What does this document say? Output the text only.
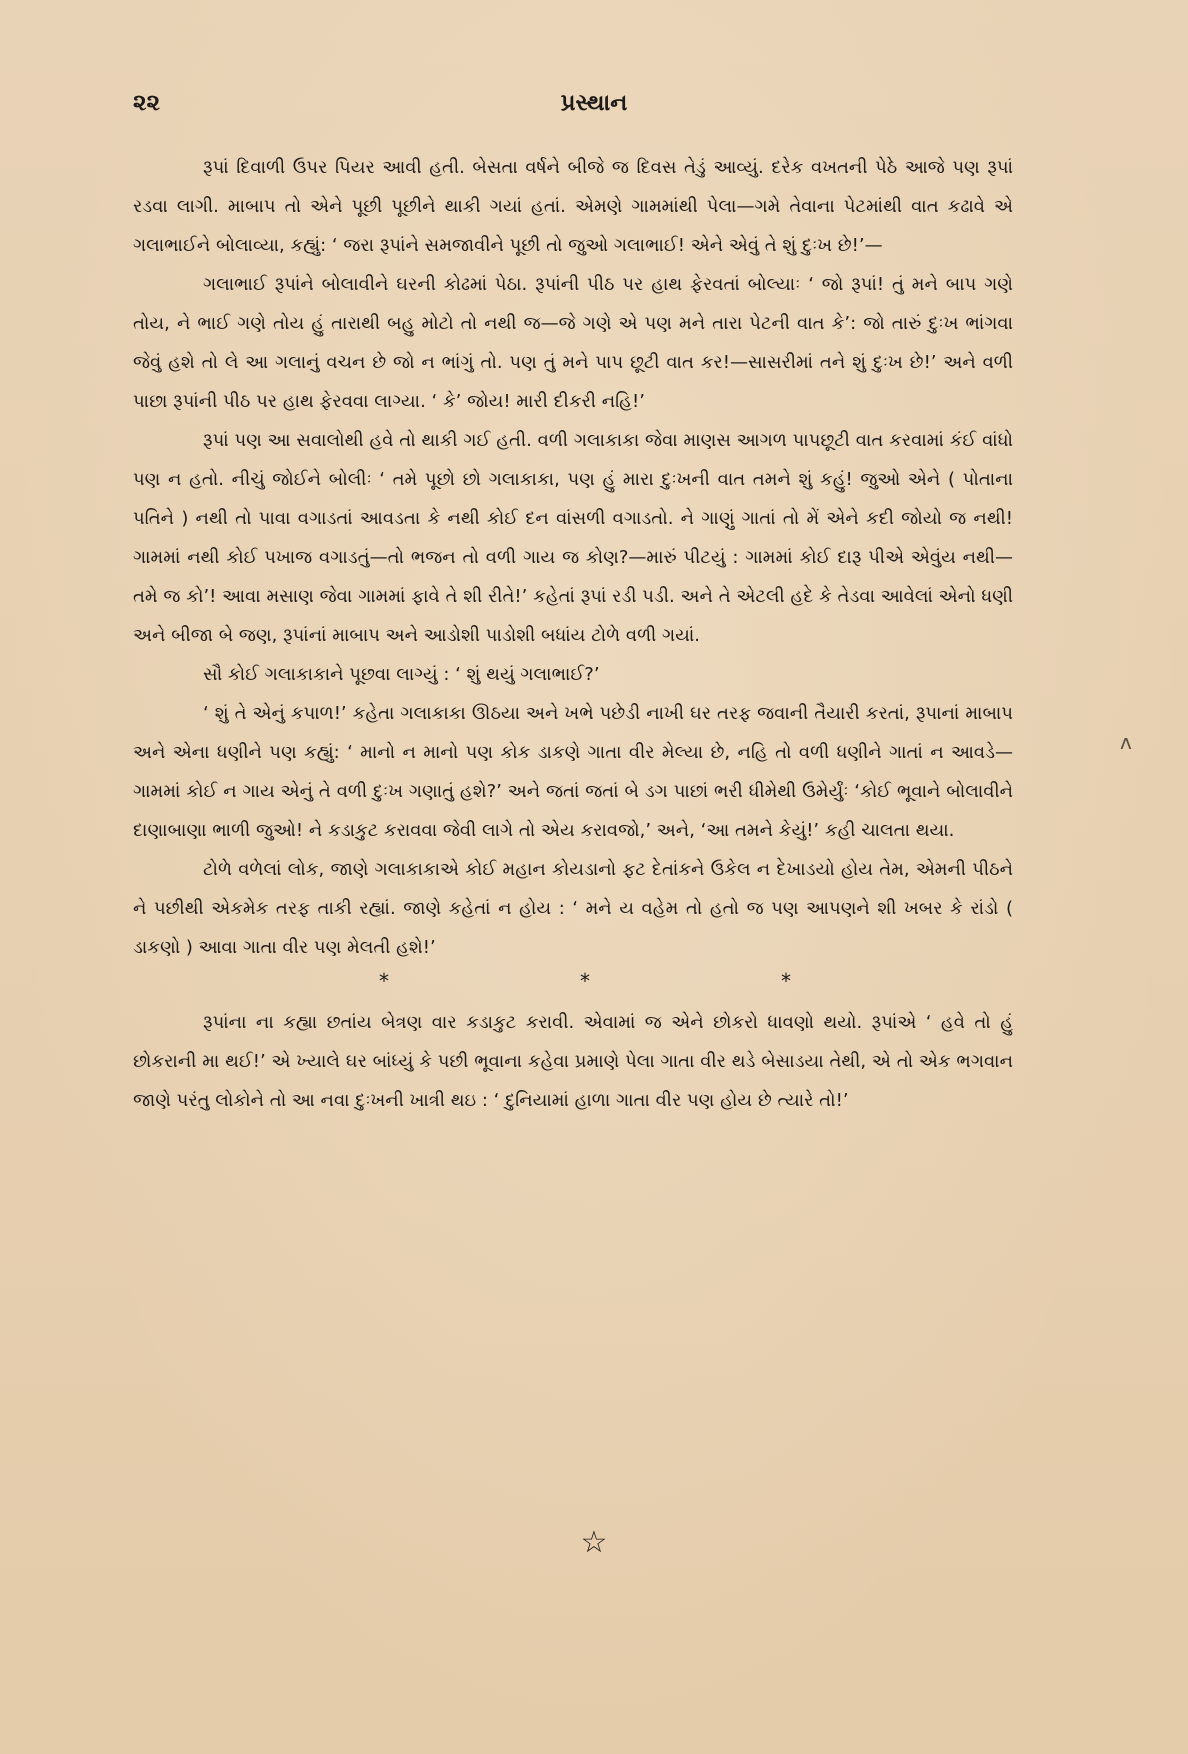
૨૨	પ્રસ્થાન

રૂપાં દિવાળી ઉપર પિયર આવી હતી. બેસતા વર્ષને બીજે જ દિવસ તેડું આવ્યું. દરેક વખતની પેઠે આજે પણ રૂપાં રડવા લાગી. માબાપ તો એને પૂછી પૂછીને થાકી ગયાં હતાં. એમણે ગામમાંથી પેલા—ગમે તેવાના પેટમાંથી વાત કઢાવે એ ગલાભાઈને બોલાવ્યા, કહ્યું: ‘ જરા રૂપાંને સમજાવીને પૂછી તો જુઓ ગલાભાઈ! એને એવું તે શું દુઃખ છે!’—

ગલાભાઈ રૂપાંને બોલાવીને ઘરની કોઢમાં પેઠા. રૂપાંની પીઠ પર હાથ ફેરવતાં બોલ્યાઃ ‘ જો રૂપાં! તું મને બાપ ગણે તોય, ને ભાઈ ગણે તોય હું તારાથી બહુ મોટો તો નથી જ—જે ગણે એ પણ મને તારા પેટની વાત કે’: જો તારું દુઃખ ભાંગવા જેવું હશે તો લે આ ગલાનું વચન છે જો ન ભાંગું તો. પણ તું મને પાપ છૂટી વાત કર!—સાસરીમાં તને શું દુઃખ છે!’ અને વળી પાછા રૂપાંની પીઠ પર હાથ ફેરવવા લાગ્યા. ‘ કે’ જોય! મારી દીકરી નહિ!’

રૂપાં પણ આ સવાલોથી હવે તો થાકી ગઈ હતી. વળી ગલાકાકા જેવા માણસ આગળ પાપછૂટી વાત કરવામાં કંઈ વાંધો પણ ન હતો. નીચું જોઈને બોલીઃ ‘ તમે પૂછો છો ગલાકાકા, પણ હું મારા દુઃખની વાત તમને શું કહું! જુઓ એને ( પોતાના પતિને ) નથી તો પાવા વગાડતાં આવડતા કે નથી કોઈ દન વાંસળી વગાડતો. ને ગાણું ગાતાં તો મેં એને કદી જોયો જ નથી! ગામમાં નથી કોઈ પખાજ વગાડતું—તો ભજન તો વળી ગાય જ કોણ?—મારું પીટયું : ગામમાં કોઈ દારૂ પીએ એવુંય નથી—તમે જ કો’! આવા મસાણ જેવા ગામમાં ફાવે તે શી રીતે!’ કહેતાં રૂપાં રડી પડી. અને તે એટલી હદે કે તેડવા આવેલાં એનો ધણી અને બીજા બે જણ, રૂપાંનાં માબાપ અને આડોશી પાડોશી બધાંય ટોળે વળી ગયાં.

સૌ કોઈ ગલાકાકાને પૂછવા લાગ્યું : ‘ શું થયું ગલાભાઈ?’

‘ શું તે એનું કપાળ!’ કહેતા ગલાકાકા ઊઠયા અને ખભે પછેડી નાખી ઘર તરફ જવાની તૈયારી કરતાં, રૂપાનાં માબાપ અને એના ધણીને પણ કહ્યું: ‘ માનો ન માનો પણ કોક ડાકણે ગાતા વીર મેલ્યા છે, નહિ તો વળી ધણીને ગાતાં ન આવડે—ગામમાં કોઈ ન ગાય એનું તે વળી દુઃખ ગણાતું હશે?’ અને જતાં જતાં બે ડગ પાછાં ભરી ધીમેથી ઉમેર્યુંઃ ‘કોઈ ભૂવાને બોલાવીને દાણાબાણા ભાળી જુઓ! ને કડાકુટ કરાવવા જેવી લાગે તો એય કરાવજો,’ અને, ‘આ તમને કેયું!’ કહી ચાલતા થયા.

ટોળે વળેલાં લોક, જાણે ગલાકાકાએ કોઈ મહાન કોયડાનો ફટ દેતાંકને ઉકેલ ન દેખાડયો હોય તેમ, એમની પીઠને ને પછીથી એકમેક તરફ તાકી રહ્યાં. જાણે કહેતાં ન હોય : ‘ મને ય વહેમ તો હતો જ પણ આપણને શી ખબર કે રાંડો ( ડાકણો ) આવા ગાતા વીર પણ મેલતી હશે!’

*	*	*

રૂપાંના ના કહ્યા છતાંય બેત્રણ વાર કડાકુટ કરાવી. એવામાં જ એને છોકરો ધાવણો થયો. રૂપાંએ ‘ હવે તો હું છોકરાની મા થઈ!’ એ ખ્યાલે ઘર બાંધ્યું કે પછી ભૂવાના કહેવા પ્રમાણે પેલા ગાતા વીર થડે બેસાડયા તેથી, એ તો એક ભગવાન જાણે પરંતુ લોકોને તો આ નવા દુઃખની ખાત્રી થઇ : ‘ દુનિયામાં હાળા ગાતા વીર પણ હોય છે ત્યારે તો!’

☆
ʌ
